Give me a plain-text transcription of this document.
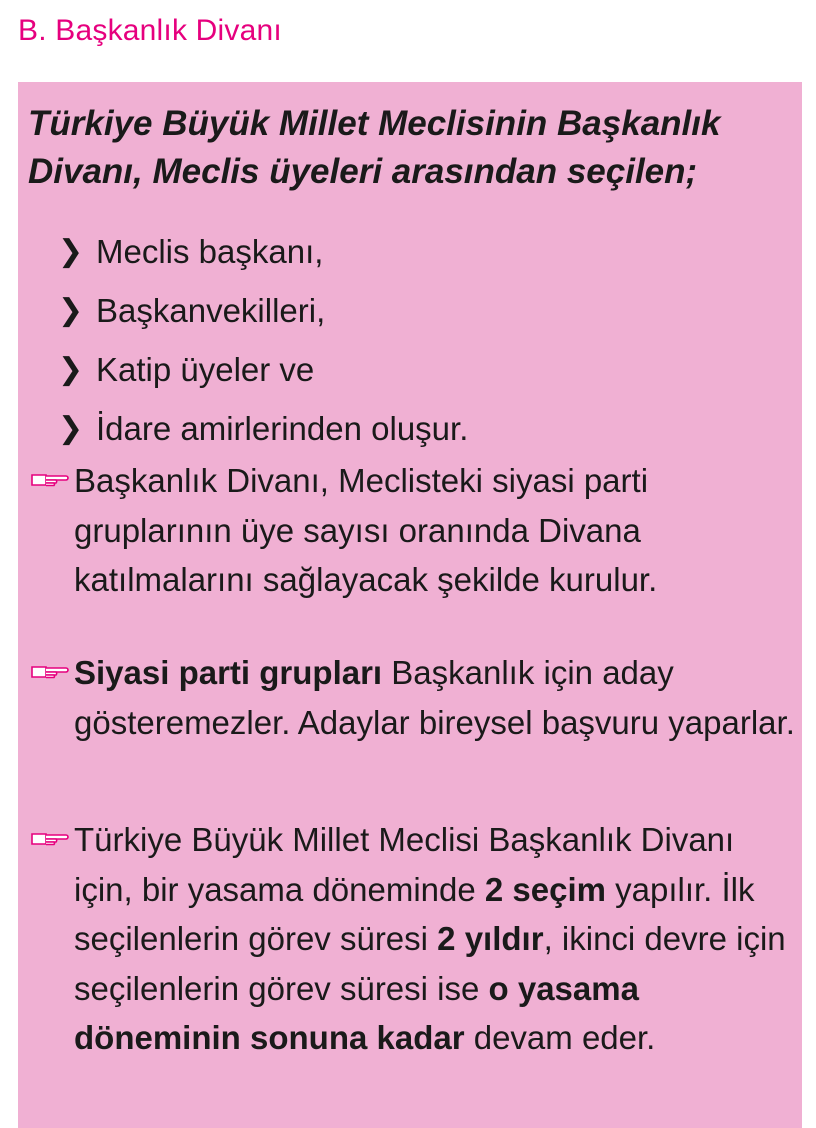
B. Başkanlık Divanı

Türkiye Büyük Millet Meclisinin Başkanlık Divanı, Meclis üyeleri arasından seçilen;

❯ Meclis başkanı,
❯ Başkanvekilleri,
❯ Katip üyeler ve
❯ İdare amirlerinden oluşur.
Başkanlık Divanı, Meclisteki siyasi parti gruplarının üye sayısı oranında Divana katılmalarını sağlayacak şekilde kurulur.
Siyasi parti grupları Başkanlık için aday gösteremezler. Adaylar bireysel başvuru yaparlar.
Türkiye Büyük Millet Meclisi Başkanlık Divanı için, bir yasama döneminde 2 seçim yapılır. İlk seçilenlerin görev süresi 2 yıldır, ikinci devre için seçilenlerin görev süresi ise o yasama döneminin sonuna kadar devam eder.
